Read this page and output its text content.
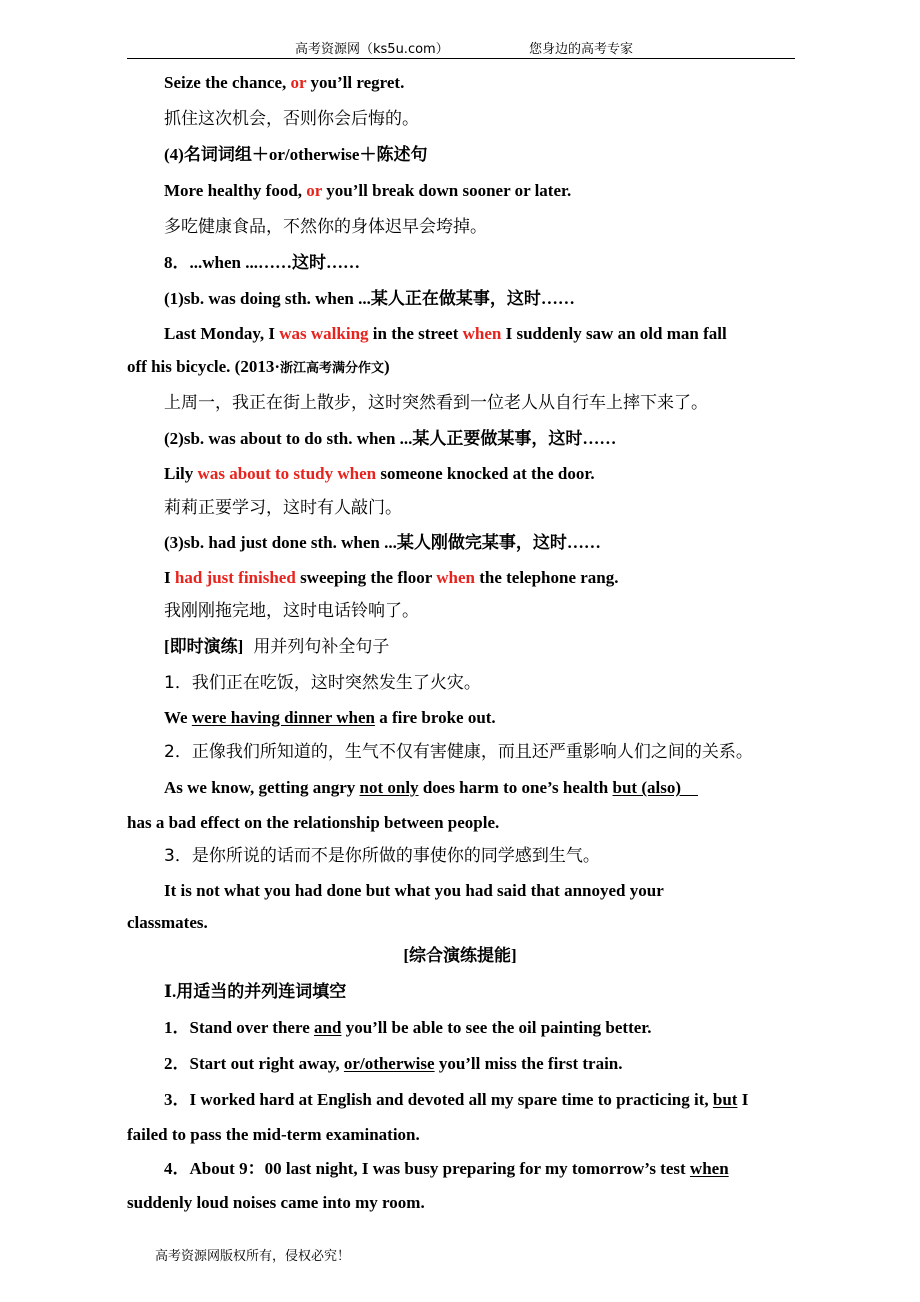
高考资源网（ks5u.com）	您身边的高考专家
Seize the chance, or you’ll regret.
抓住这次机会，否则你会后悔的。
(4)名词词组＋or/otherwise＋陈述句
More healthy food, or you’ll break down sooner or later.
多吃健康食品，不然你的身体迟早会垮掉。
8．...when ...……这时……
(1)sb. was doing sth. when ...某人正在做某事，这时……
Last Monday, I was walking in the street when I suddenly saw an old man fall
off his bicycle. (2013·浙江高考满分作文)
上周一，我正在街上散步，这时突然看到一位老人从自行车上摔下来了。
(2)sb. was about to do sth. when ...某人正要做某事，这时……
Lily was about to study when someone knocked at the door.
莉莉正要学习，这时有人敲门。
(3)sb. had just done sth. when ...某人刚做完某事，这时……
I had just finished sweeping the floor when the telephone rang.
我刚刚拖完地，这时电话铃响了。
[即时演练] 用并列句补全句子
1．我们正在吃饭，这时突然发生了火灾。
We were having dinner when a fire broke out.
2．正像我们所知道的，生气不仅有害健康，而且还严重影响人们之间的关系。
As we know, getting angry not only does harm to one’s health but (also)
has a bad effect on the relationship between people.
3．是你所说的话而不是你所做的事使你的同学感到生气。
It is not what you had done but what you had said that annoyed your
classmates.
[综合演练提能]
Ⅰ.用适当的并列连词填空
1．Stand over there and you’ll be able to see the oil painting better.
2．Start out right away, or/otherwise you’ll miss the first train.
3．I worked hard at English and devoted all my spare time to practicing it, but I
failed to pass the mid-term examination.
4．About 9：00 last night, I was busy preparing for my tomorrow’s test when
suddenly loud noises came into my room.
高考资源网版权所有，侵权必究！
